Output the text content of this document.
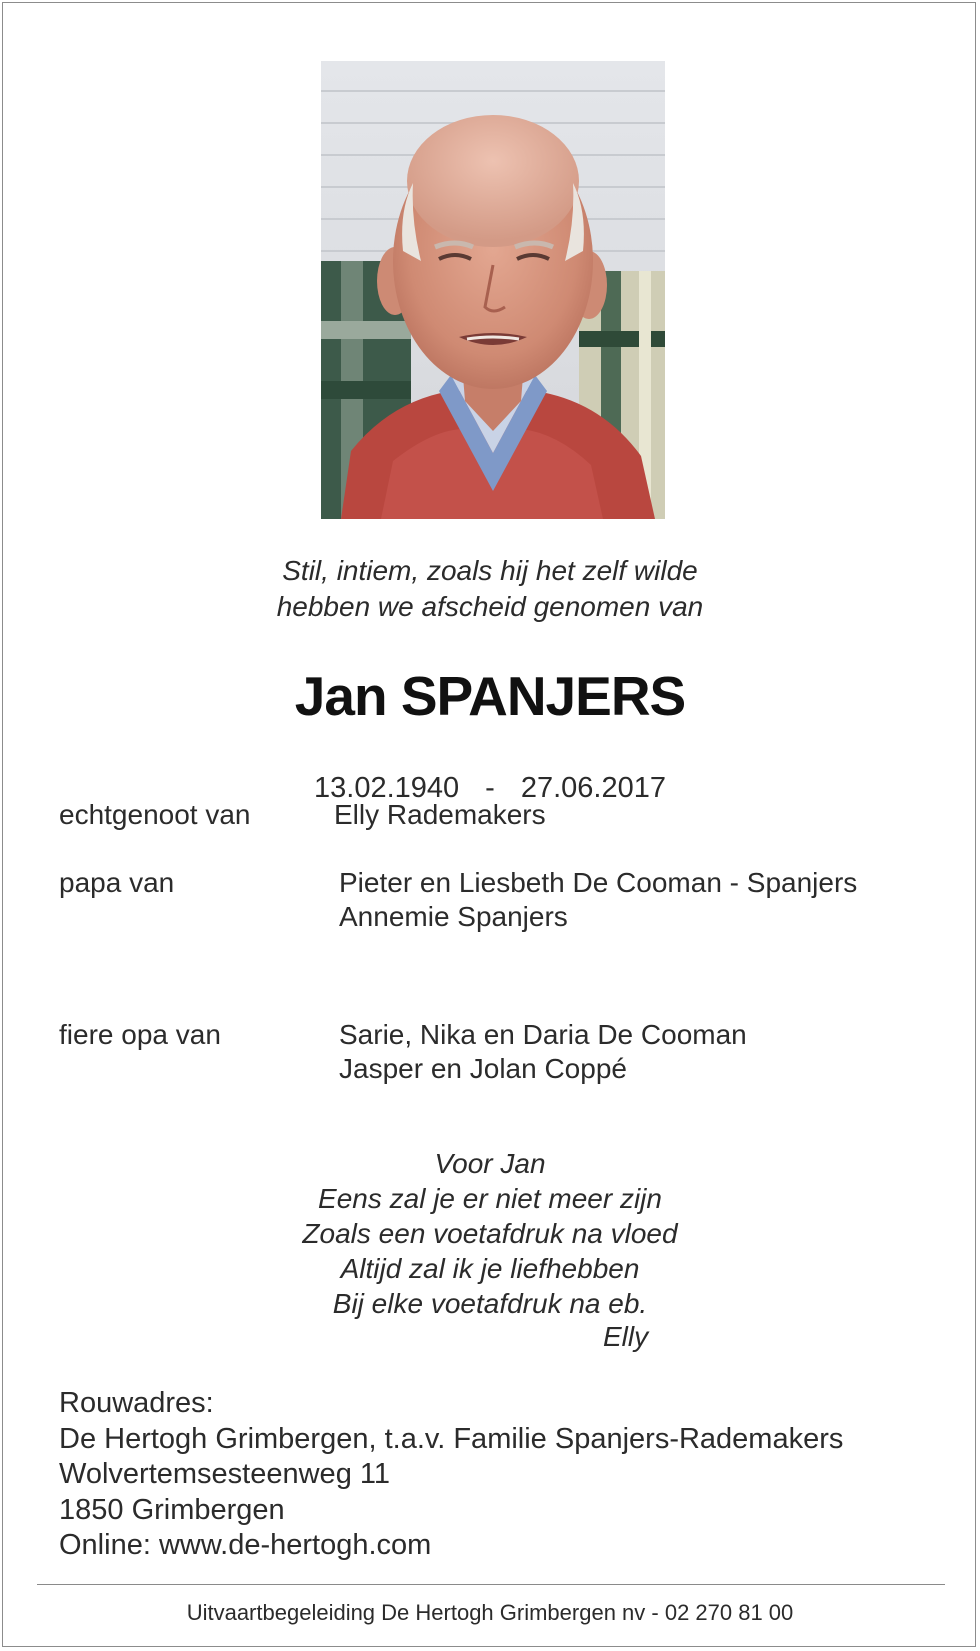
Stil, intiem, zoals hij het zelf wilde
hebben we afscheid genomen van
Jan SPANJERS
13.02.1940 - 27.06.2017
echtgenoot van	Elly Rademakers
papa van	Pieter en Liesbeth De Cooman - Spanjers
Annemie Spanjers
fiere opa van	Sarie, Nika en Daria De Cooman
Jasper en Jolan Coppé
Voor Jan
Eens zal je er niet meer zijn
Zoals een voetafdruk na vloed
Altijd zal ik je liefhebben
Bij elke voetafdruk na eb.
Elly
Rouwadres:
De Hertogh Grimbergen, t.a.v. Familie Spanjers-Rademakers
Wolvertemsesteenweg 11
1850 Grimbergen
Online: www.de-hertogh.com
Uitvaartbegeleiding De Hertogh Grimbergen nv - 02 270 81 00
